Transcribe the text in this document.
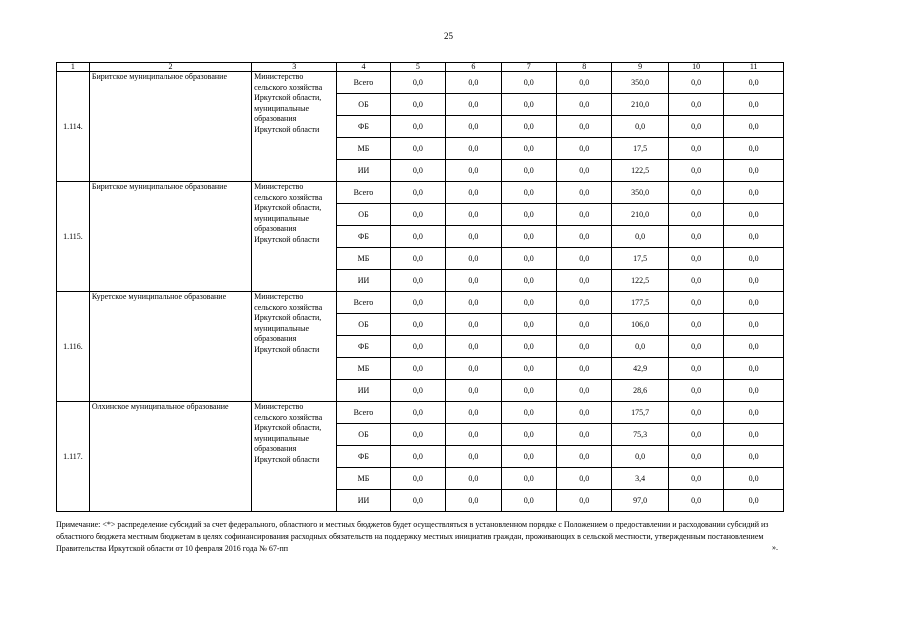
25
1	2	3	4	5	6	7	8	9	10	11
1.114.	Биритское муниципальное образование	Министерство сельского хозяйства Иркутской области, муниципальные образования Иркутской области	Всего	0,0	0,0	0,0	0,0	350,0	0,0	0,0
			ОБ	0,0	0,0	0,0	0,0	210,0	0,0	0,0
			ФБ	0,0	0,0	0,0	0,0	0,0	0,0	0,0
			МБ	0,0	0,0	0,0	0,0	17,5	0,0	0,0
			ИИ	0,0	0,0	0,0	0,0	122,5	0,0	0,0
1.115.	Биритское муниципальное образование	Министерство сельского хозяйства Иркутской области, муниципальные образования Иркутской области	Всего	0,0	0,0	0,0	0,0	350,0	0,0	0,0
			ОБ	0,0	0,0	0,0	0,0	210,0	0,0	0,0
			ФБ	0,0	0,0	0,0	0,0	0,0	0,0	0,0
			МБ	0,0	0,0	0,0	0,0	17,5	0,0	0,0
			ИИ	0,0	0,0	0,0	0,0	122,5	0,0	0,0
1.116.	Куретское муниципальное образование	Министерство сельского хозяйства Иркутской области, муниципальные образования Иркутской области	Всего	0,0	0,0	0,0	0,0	177,5	0,0	0,0
			ОБ	0,0	0,0	0,0	0,0	106,0	0,0	0,0
			ФБ	0,0	0,0	0,0	0,0	0,0	0,0	0,0
			МБ	0,0	0,0	0,0	0,0	42,9	0,0	0,0
			ИИ	0,0	0,0	0,0	0,0	28,6	0,0	0,0
1.117.	Олхинское муниципальное образование	Министерство сельского хозяйства Иркутской области, муниципальные образования Иркутской области	Всего	0,0	0,0	0,0	0,0	175,7	0,0	0,0
			ОБ	0,0	0,0	0,0	0,0	75,3	0,0	0,0
			ФБ	0,0	0,0	0,0	0,0	0,0	0,0	0,0
			МБ	0,0	0,0	0,0	0,0	3,4	0,0	0,0
			ИИ	0,0	0,0	0,0	0,0	97,0	0,0	0,0
Примечание: <*> распределение субсидий за счет федерального, областного и местных бюджетов будет осуществляться в установленном порядке с Положением о предоставлении и расходовании субсидий из областного бюджета местным бюджетам в целях софинансирования расходных обязательств на поддержку местных инициатив граждан, проживающих в сельской местности, утвержденным постановлением Правительства Иркутской области от 10 февраля 2016 года № 67-пп	».
